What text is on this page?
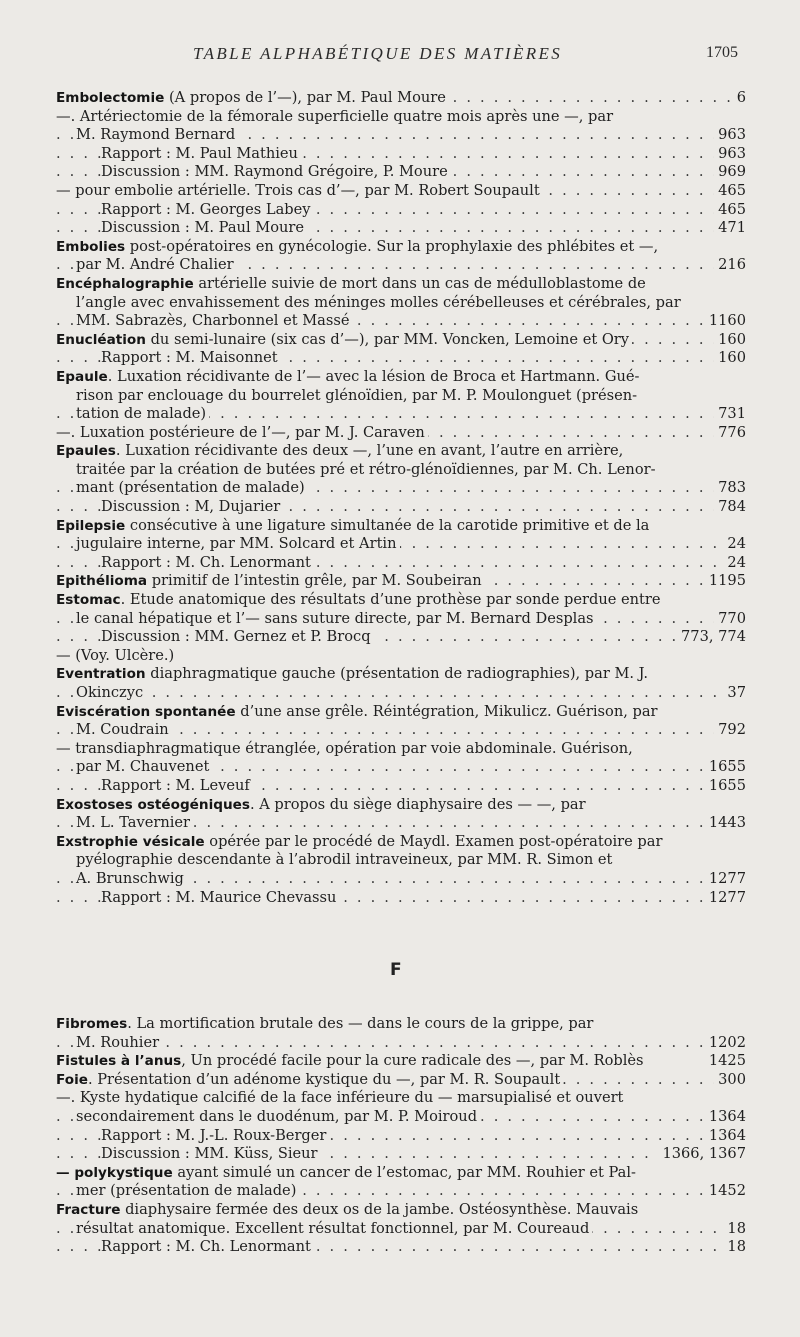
TABLE ALPHABÉTIQUE DES MATIÈRES	1705
Embolectomie (A propos de l’—), par M. Paul Moure	6
. . .
—. Artériectomie de la fémorale superficielle quatre mois après une —, par
M. Raymond Bernard	963
. . .
Rapport : M. Paul Mathieu	963
. . .
Discussion : MM. Raymond Grégoire, P. Moure	969
. . .
— pour embolie artérielle. Trois cas d’—, par M. Robert Soupault	465
. . .
Rapport : M. Georges Labey	465
. . .
Discussion : M. Paul Moure	471
. . .
Embolies post-opératoires en gynécologie. Sur la prophylaxie des phlébites et —,
par M. André Chalier	216
. . .
Encéphalographie artérielle suivie de mort dans un cas de médulloblastome de
l’angle avec envahissement des méninges molles cérébelleuses et cérébrales, par
MM. Sabrazès, Charbonnel et Massé	1160
. . .
Enucléation du semi-lunaire (six cas d’—), par MM. Voncken, Lemoine et Ory	160
. . .
Rapport : M. Maisonnet	160
. . .
Epaule. Luxation récidivante de l’— avec la lésion de Broca et Hartmann. Gué-
rison par enclouage du bourrelet glénoïdien, par M. P. Moulonguet (présen-
tation de malade)	731
. . .
—. Luxation postérieure de l’—, par M. J. Caraven	776
. . .
Epaules. Luxation récidivante des deux —, l’une en avant, l’autre en arrière,
traitée par la création de butées pré et rétro-glénoïdiennes, par M. Ch. Lenor-
mant (présentation de malade)	783
. . .
Discussion : M, Dujarier	784
. . .
Epilepsie consécutive à une ligature simultanée de la carotide primitive et de la
jugulaire interne, par MM. Solcard et Artin	24
. . .
Rapport : M. Ch. Lenormant	24
. . .
Epithélioma primitif de l’intestin grêle, par M. Soubeiran	1195
. . .
Estomac. Etude anatomique des résultats d’une prothèse par sonde perdue entre
le canal hépatique et l’— sans suture directe, par M. Bernard Desplas	770
. . .
Discussion : MM. Gernez et P. Brocq	773, 774
. . .
— (Voy. Ulcère.)
Eventration diaphragmatique gauche (présentation de radiographies), par M. J.
Okinczyc	37
. . .
Eviscération spontanée d’une anse grêle. Réintégration, Mikulicz. Guérison, par
M. Coudrain	792
. . .
— transdiaphragmatique étranglée, opération par voie abdominale. Guérison,
par M. Chauvenet	1655
. . .
Rapport : M. Leveuf	1655
. . .
Exostoses ostéogéniques. A propos du siège diaphysaire des — —, par
M. L. Tavernier	1443
. . .
Exstrophie vésicale opérée par le procédé de Maydl. Examen post-opératoire par
pyélographie descendante à l’abrodil intraveineux, par MM. R. Simon et
A. Brunschwig	1277
. . .
Rapport : M. Maurice Chevassu	1277
. . .
F
Fibromes. La mortification brutale des — dans le cours de la grippe, par
M. Rouhier	1202
. . .
Fistules à l’anus, Un procédé facile pour la cure radicale des —, par M. Roblès	1425
Foie. Présentation d’un adénome kystique du —, par M. R. Soupault	300
. . .
—. Kyste hydatique calcifié de la face inférieure du — marsupialisé et ouvert
secondairement dans le duodénum, par M. P. Moiroud	1364
. . .
Rapport : M. J.-L. Roux-Berger	1364
. . .
Discussion : MM. Küss, Sieur	1366, 1367
. . .
— polykystique ayant simulé un cancer de l’estomac, par MM. Rouhier et Pal-
mer (présentation de malade)	1452
. . .
Fracture diaphysaire fermée des deux os de la jambe. Ostéosynthèse. Mauvais
résultat anatomique. Excellent résultat fonctionnel, par M. Coureaud	18
. . .
Rapport : M. Ch. Lenormant	18
. . .
